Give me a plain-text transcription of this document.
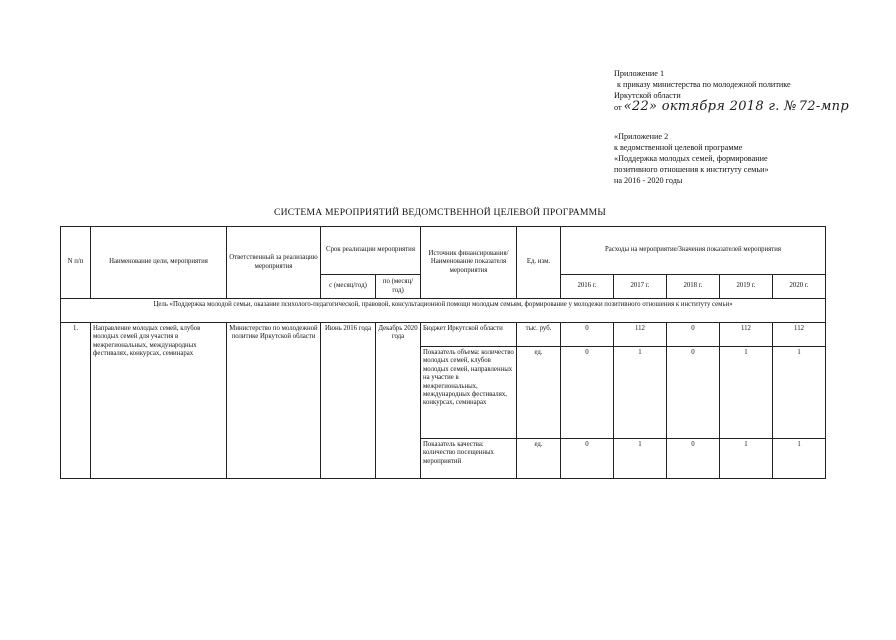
Приложение 1
к приказу министерства по молодежной политике
Иркутской области
от «22» октября 2018 г. № 72-мпр
«Приложение 2
к ведомственной целевой программе
«Поддержка молодых семей, формирование
позитивного отношения к институту семьи»
на 2016 - 2020 годы
СИСТЕМА МЕРОПРИЯТИЙ ВЕДОМСТВЕННОЙ ЦЕЛЕВОЙ ПРОГРАММЫ
N п/п	Наименование цели, мероприятия	Ответственный за реализацию мероприятия	Срок реализации мероприятия		Источник финансирования/Наименование показателя мероприятия	Ед. изм.	Расходы на мероприятие/Значения показателей мероприятия				
			с (месяц/год)	по (месяц/год)			2016 г.	2017 г.	2018 г.	2019 г.	2020 г.
Цель «Поддержка молодой семьи, оказание психолого-педагогической, правовой, консультационной помощи молодым семьям, формирование у молодежи позитивного отношения к институту семьи»											
1.	Направление молодых семей, клубов молодых семей для участия в межрегиональных, международных фестивалях, конкурсах, семинарах	Министерство по молодежной политике Иркутской области	Июнь 2016 года	Декабрь 2020 года	Бюджет Иркутской области	тыс. руб.	0	112	0	112	112
					Показатель объема: количество молодых семей, клубов молодых семей, направленных на участие в межрегиональных, международных фестивалях, конкурсах, семинарах	ед.	0	1	0	1	1
					Показатель качества: количество посещенных мероприятий	ед.	0	1	0	1	1
